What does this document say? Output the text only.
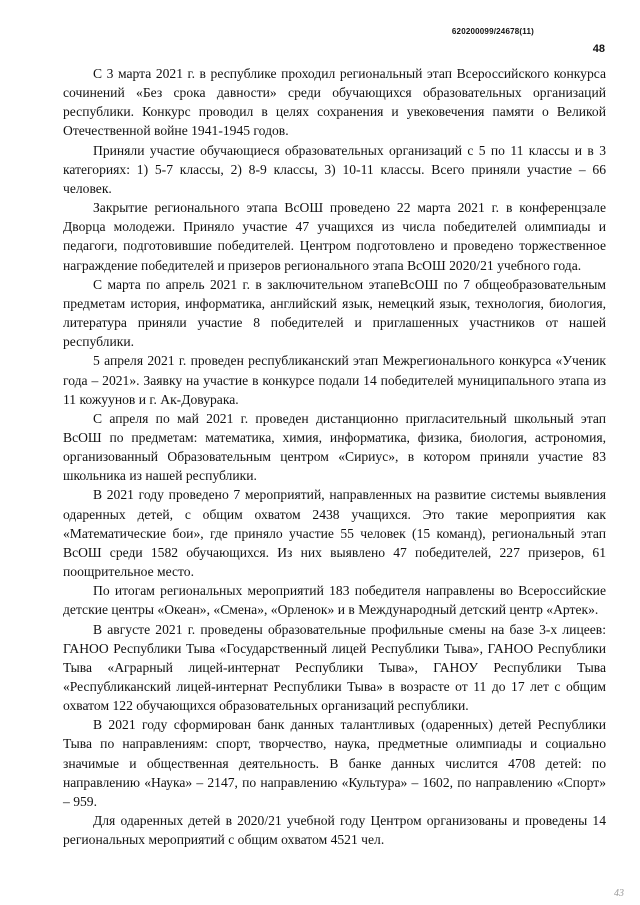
620200099/24678(11)
48

С 3 марта 2021 г. в республике проходил региональный этап Всероссийского конкурса сочинений «Без срока давности» среди обучающихся образовательных организаций республики. Конкурс проводил в целях сохранения и увековечения памяти о Великой Отечественной войне 1941-1945 годов.

Приняли участие обучающиеся образовательных организаций с 5 по 11 классы и в 3 категориях: 1) 5-7 классы, 2) 8-9 классы, 3) 10-11 классы. Всего приняли участие – 66 человек.

Закрытие регионального этапа ВсОШ проведено 22 марта 2021 г. в конференцзале Дворца молодежи. Приняло участие 47 учащихся из числа победителей олимпиады и педагоги, подготовившие победителей. Центром подготовлено и проведено торжественное награждение победителей и призеров регионального этапа ВсОШ 2020/21 учебного года.

С марта по апрель 2021 г. в заключительном этапеВсОШ по 7 общеобразовательным предметам история, информатика, английский язык, немецкий язык, технология, биология, литература приняли участие 8 победителей и приглашенных участников от нашей республики.

5 апреля 2021 г. проведен республиканский этап Межрегионального конкурса «Ученик года – 2021». Заявку на участие в конкурсе подали 14 победителей муниципального этапа из 11 кожуунов и г. Ак-Довурака.

С апреля по май 2021 г. проведен дистанционно пригласительный школьный этап ВсОШ по предметам: математика, химия, информатика, физика, биология, астрономия, организованный Образовательным центром «Сириус», в котором приняли участие 83 школьника из нашей республики.

В 2021 году проведено 7 мероприятий, направленных на развитие системы выявления одаренных детей, с общим охватом 2438 учащихся. Это такие мероприятия как «Математические бои», где приняло участие 55 человек (15 команд), региональный этап ВсОШ среди 1582 обучающихся. Из них выявлено 47 победителей, 227 призеров, 61 поощрительное место.

По итогам региональных мероприятий 183 победителя направлены во Всероссийские детские центры «Океан», «Смена», «Орленок» и в Международный детский центр «Артек».

В августе 2021 г. проведены образовательные профильные смены на базе 3-х лицеев: ГАНОО Республики Тыва «Государственный лицей Республики Тыва», ГАНОО Республики Тыва «Аграрный лицей-интернат Республики Тыва», ГАНОУ Республики Тыва «Республиканский лицей-интернат Республики Тыва» в возрасте от 11 до 17 лет с общим охватом 122 обучающихся образовательных организаций республики.

В 2021 году сформирован банк данных талантливых (одаренных) детей Республики Тыва по направлениям: спорт, творчество, наука, предметные олимпиады и социально значимые и общественная деятельность. В банке данных числится 4708 детей: по направлению «Наука» – 2147, по направлению «Культура» – 1602, по направлению «Спорт» – 959.

Для одаренных детей в 2020/21 учебной году Центром организованы и проведены 14 региональных мероприятий с общим охватом 4521 чел.

43
